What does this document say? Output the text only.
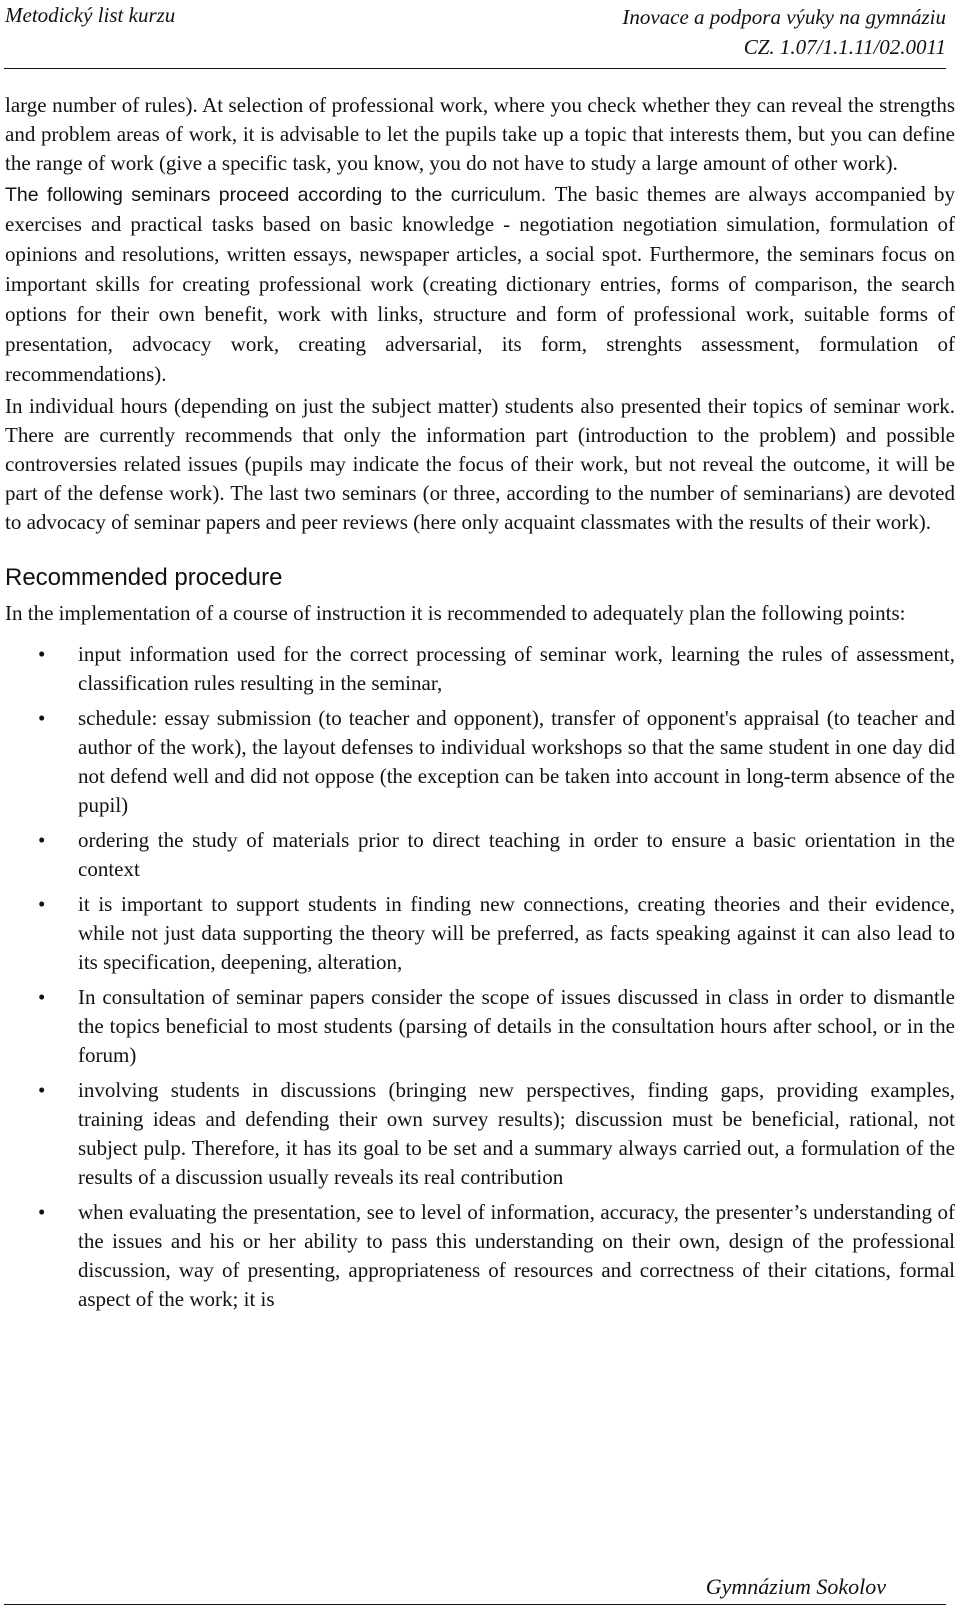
Metodický list kurzu	Inovace a podpora výuky na gymnáziu
CZ. 1.07/1.1.11/02.0011

large number of rules). At selection of professional work, where you check whether they can reveal the strengths and problem areas of work, it is advisable to let the pupils take up a topic that interests them, but you can define the range of work (give a specific task, you know, you do not have to study a large amount of other work).

The following seminars proceed according to the curriculum. The basic themes are always accompanied by exercises and practical tasks based on basic knowledge - negotiation negotiation simulation, formulation of opinions and resolutions, written essays, newspaper articles, a social spot. Furthermore, the seminars focus on important skills for creating professional work (creating dictionary entries, forms of comparison, the search options for their own benefit, work with links, structure and form of professional work, suitable forms of presentation, advocacy work, creating adversarial, its form, strenghts assessment, formulation of recommendations).

In individual hours (depending on just the subject matter) students also presented their topics of seminar work. There are currently recommends that only the information part (introduction to the problem) and possible controversies related issues (pupils may indicate the focus of their work, but not reveal the outcome, it will be part of the defense work). The last two seminars (or three, according to the number of seminarians) are devoted to advocacy of seminar papers and peer reviews (here only acquaint classmates with the results of their work).

Recommended procedure

In the implementation of a course of instruction it is recommended to adequately plan the following points:

• input information used for the correct processing of seminar work, learning the rules of assessment, classification rules resulting in the seminar,
• schedule: essay submission (to teacher and opponent), transfer of opponent's appraisal (to teacher and author of the work), the layout defenses to individual workshops so that the same student in one day did not defend well and did not oppose (the exception can be taken into account in long-term absence of the pupil)
• ordering the study of materials prior to direct teaching in order to ensure a basic orientation in the context
• it is important to support students in finding new connections, creating theories and their evidence, while not just data supporting the theory will be preferred, as facts speaking against it can also lead to its specification, deepening, alteration,
• In consultation of seminar papers consider the scope of issues discussed in class in order to dismantle the topics beneficial to most students (parsing of details in the consultation hours after school, or in the forum)
• involving students in discussions (bringing new perspectives, finding gaps, providing examples, training ideas and defending their own survey results); discussion must be beneficial, rational, not subject pulp. Therefore, it has its goal to be set and a summary always carried out, a formulation of the results of a discussion usually reveals its real contribution
• when evaluating the presentation, see to level of information, accuracy, the presenter’s understanding of the issues and his or her ability to pass this understanding on their own, design of the professional discussion, way of presenting, appropriateness of resources and correctness of their citations, formal aspect of the work; it is
Gymnázium Sokolov
